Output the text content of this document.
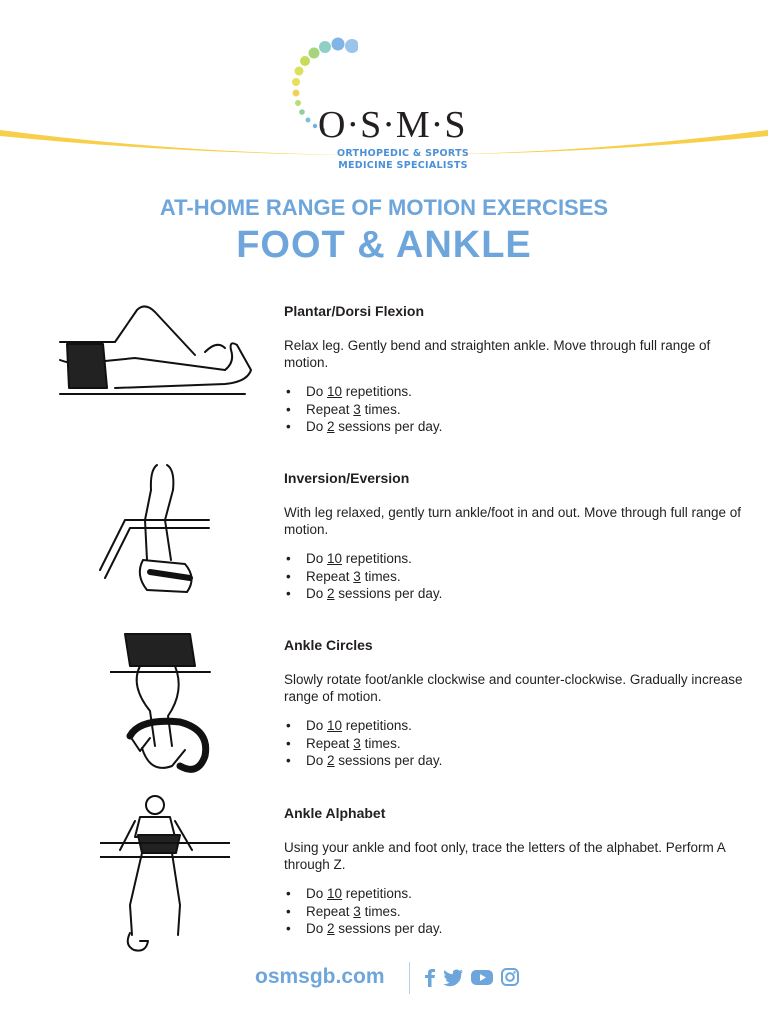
O·S·M·S
ORTHOPEDIC & SPORTS
MEDICINE SPECIALISTS
AT-HOME RANGE OF MOTION EXERCISES
FOOT & ANKLE

Plantar/Dorsi Flexion

Relax leg. Gently bend and straighten ankle. Move through full range of motion.

• Do 10 repetitions.
• Repeat 3 times.
• Do 2 sessions per day.

Inversion/Eversion

With leg relaxed, gently turn ankle/foot in and out. Move through full range of motion.

• Do 10 repetitions.
• Repeat 3 times.
• Do 2 sessions per day.

Ankle Circles

Slowly rotate foot/ankle clockwise and counter-clockwise. Gradually increase range of motion.

• Do 10 repetitions.
• Repeat 3 times.
• Do 2 sessions per day.

Ankle Alphabet

Using your ankle and foot only, trace the letters of the alphabet. Perform A through Z.

• Do 10 repetitions.
• Repeat 3 times.
• Do 2 sessions per day.
osmsgb.com
